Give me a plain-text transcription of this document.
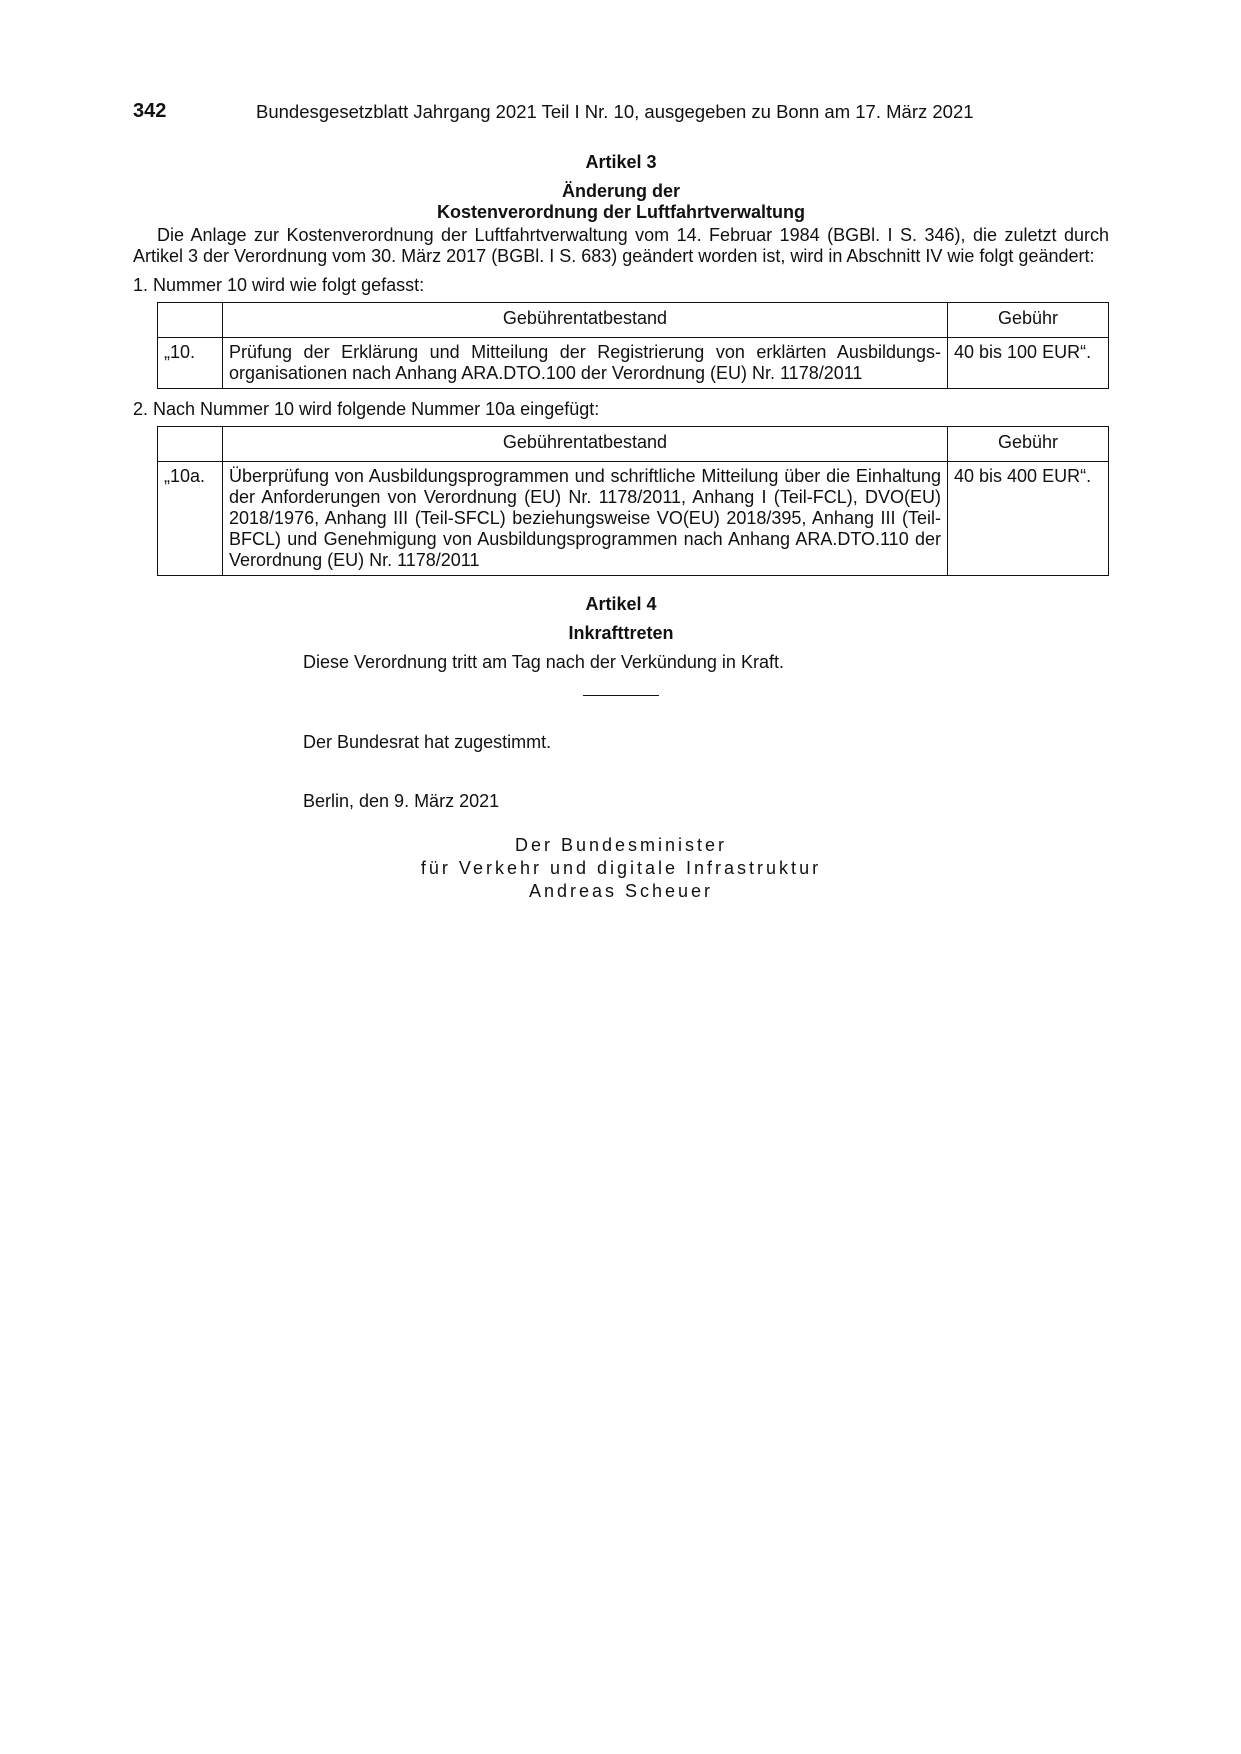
342	Bundesgesetzblatt Jahrgang 2021 Teil I Nr. 10, ausgegeben zu Bonn am 17. März 2021
Artikel 3
Änderung der
Kostenverordnung der Luftfahrtverwaltung

Die Anlage zur Kostenverordnung der Luftfahrtverwaltung vom 14. Februar 1984 (BGBl. I S. 346), die zuletzt durch Artikel 3 der Verordnung vom 30. März 2017 (BGBl. I S. 683) geändert worden ist, wird in Abschnitt IV wie folgt geändert:

1. Nummer 10 wird wie folgt gefasst:

	Gebührentatbestand	Gebühr
„10.	Prüfung der Erklärung und Mitteilung der Registrierung von erklärten Ausbildungs-organisationen nach Anhang ARA.DTO.100 der Verordnung (EU) Nr. 1178/2011	40 bis 100 EUR“.

2. Nach Nummer 10 wird folgende Nummer 10a eingefügt:

	Gebührentatbestand	Gebühr
„10a.	Überprüfung von Ausbildungsprogrammen und schriftliche Mitteilung über die Einhaltung der Anforderungen von Verordnung (EU) Nr. 1178/2011, Anhang I (Teil-FCL), DVO(EU) 2018/1976, Anhang III (Teil-SFCL) beziehungsweise VO(EU) 2018/395, Anhang III (Teil-BFCL) und Genehmigung von Ausbildungsprogrammen nach Anhang ARA.DTO.110 der Verordnung (EU) Nr. 1178/2011	40 bis 400 EUR“.
Artikel 4
Inkrafttreten
Diese Verordnung tritt am Tag nach der Verkündung in Kraft.
Der Bundesrat hat zugestimmt.
Berlin, den 9. März 2021
Der Bundesminister
für Verkehr und digitale Infrastruktur
Andreas Scheuer
